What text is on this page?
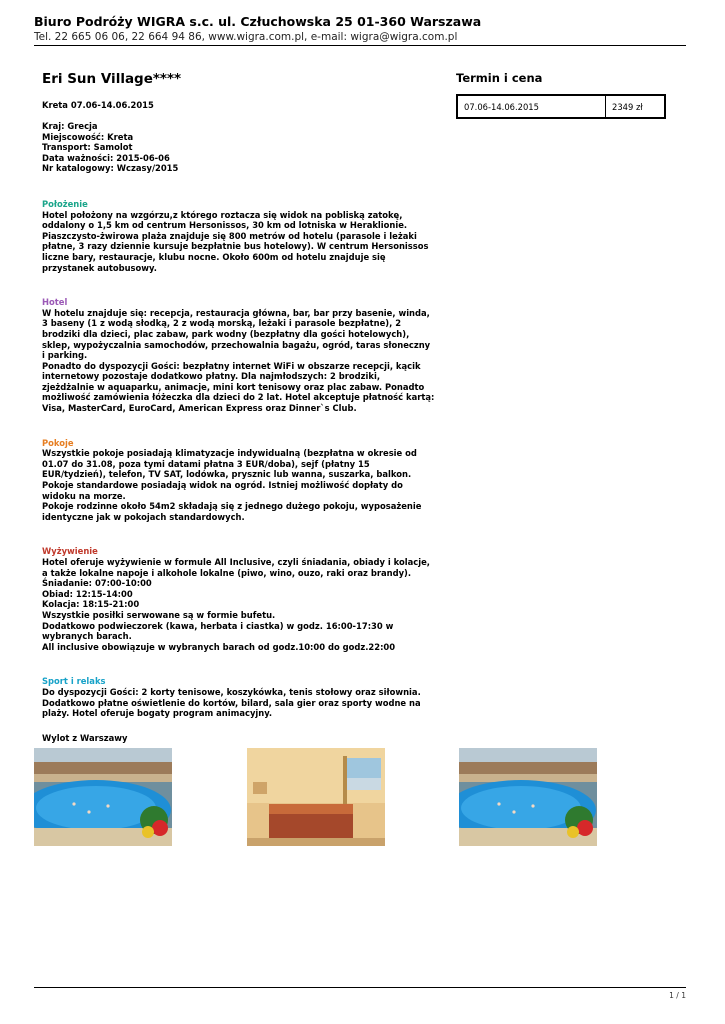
Biuro Podróży WIGRA s.c. ul. Człuchowska 25 01-360 Warszawa
Tel. 22 665 06 06, 22 664 94 86, www.wigra.com.pl, e-mail: wigra@wigra.com.pl
Eri Sun Village****
Kreta 07.06-14.06.2015
Kraj: Grecja
Miejscowość: Kreta
Transport: Samolot
Data ważności: 2015-06-06
Nr katalogowy: Wczasy/2015
Położenie
Hotel położony na wzgórzu,z którego roztacza się widok na pobliską zatokę,
oddalony o 1,5 km od centrum Hersonissos, 30 km od lotniska w Heraklionie.
Piaszczysto-żwirowa plaża znajduje się 800 metrów od hotelu (parasole i leżaki
płatne, 3 razy dziennie kursuje bezpłatnie bus hotelowy). W centrum Hersonissos
liczne bary, restauracje, klubu nocne. Około 600m od hotelu znajduje się
przystanek autobusowy.
Hotel
W hotelu znajduje się: recepcja, restauracja główna, bar, bar przy basenie, winda,
3 baseny (1 z wodą słodką, 2 z wodą morską, leżaki i parasole bezpłatne), 2
brodziki dla dzieci, plac zabaw, park wodny (bezpłatny dla gości hotelowych),
sklep, wypożyczalnia samochodów, przechowalnia bagażu, ogród, taras słoneczny
i parking.
Ponadto do dyspozycji Gości: bezpłatny internet WiFi w obszarze recepcji, kącik
internetowy pozostaje dodatkowo płatny. Dla najmłodszych: 2 brodziki,
zjeżdżalnie w aquaparku, animacje, mini kort tenisowy oraz plac zabaw. Ponadto
możliwość zamówienia łóżeczka dla dzieci do 2 lat. Hotel akceptuje płatność kartą:
Visa, MasterCard, EuroCard, American Express oraz Dinner`s Club.
Pokoje
Wszystkie pokoje posiadają klimatyzacje indywidualną (bezpłatna w okresie od
01.07 do 31.08, poza tymi datami płatna 3 EUR/doba), sejf (płatny 15
EUR/tydzień), telefon, TV SAT, lodówka, prysznic lub wanna, suszarka, balkon.
Pokoje standardowe posiadają widok na ogród. Istniej możliwość dopłaty do
widoku na morze.
Pokoje rodzinne około 54m2 składają się z jednego dużego pokoju, wyposażenie
identyczne jak w pokojach standardowych.
Wyżywienie
Hotel oferuje wyżywienie w formule All Inclusive, czyli śniadania, obiady i kolacje,
a także lokalne napoje i alkohole lokalne (piwo, wino, ouzo, raki oraz brandy).
Śniadanie: 07:00-10:00
Obiad: 12:15-14:00
Kolacja: 18:15-21:00
Wszystkie posiłki serwowane są w formie bufetu.
Dodatkowo podwieczorek (kawa, herbata i ciastka) w godz. 16:00-17:30 w
wybranych barach.
All inclusive obowiązuje w wybranych barach od godz.10:00 do godz.22:00
Sport i relaks
Do dyspozycji Gości: 2 korty tenisowe, koszykówka, tenis stołowy oraz siłownia.
Dodatkowo płatne oświetlenie do kortów, bilard, sala gier oraz sporty wodne na
plaży. Hotel oferuje bogaty program animacyjny.
Wylot z Warszawy
Termin i cena
07.06-14.06.2015	2349 zł
1 / 1
